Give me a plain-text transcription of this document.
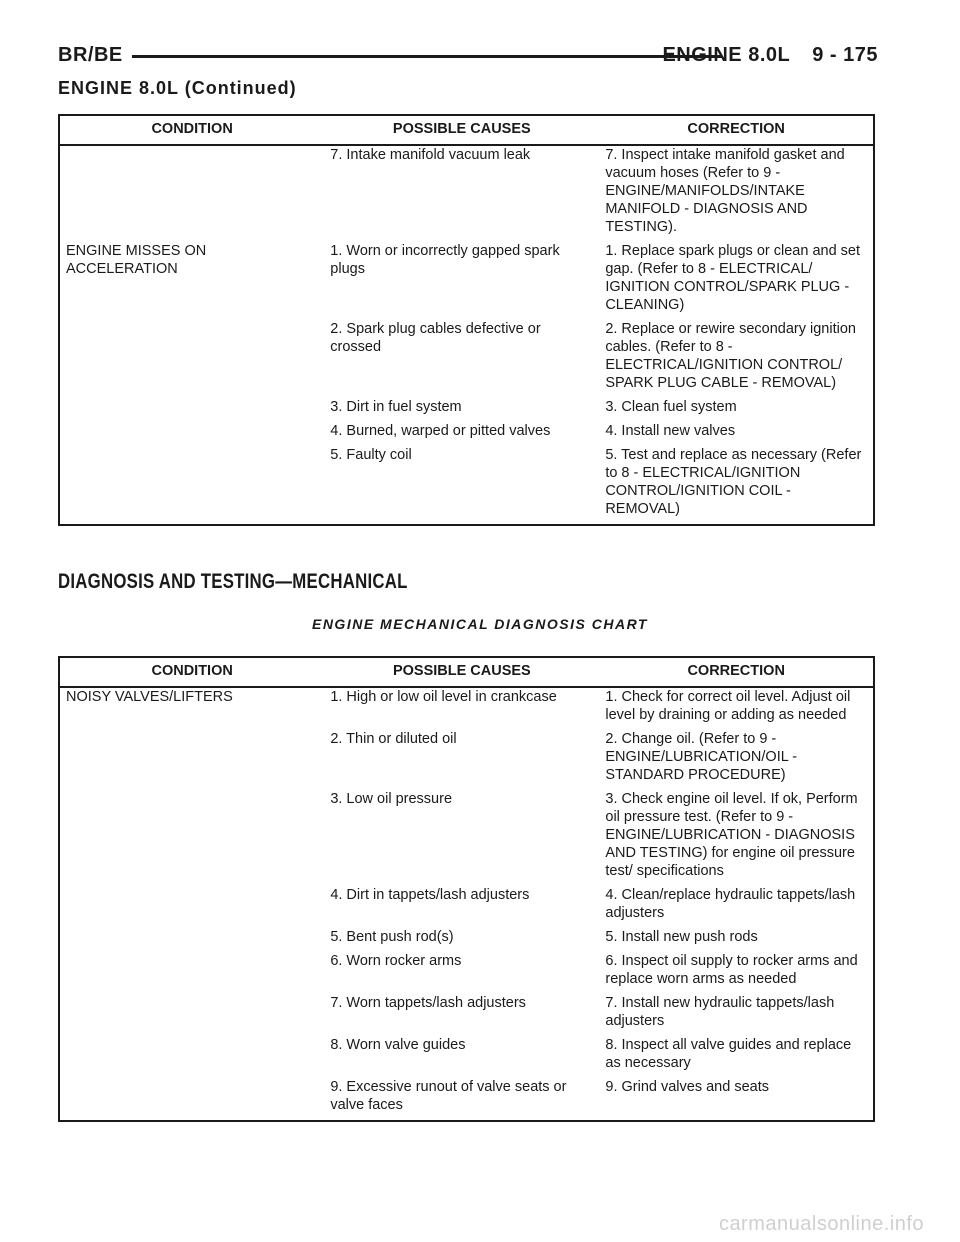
BR/BE	ENGINE 8.0L 9 - 175
ENGINE 8.0L (Continued)
CONDITION	POSSIBLE CAUSES	CORRECTION
	7. Intake manifold vacuum leak	7. Inspect intake manifold gasket and vacuum hoses (Refer to 9 - ENGINE/MANIFOLDS/INTAKE MANIFOLD - DIAGNOSIS AND TESTING).
ENGINE MISSES ON ACCELERATION	1. Worn or incorrectly gapped spark plugs	1. Replace spark plugs or clean and set gap. (Refer to 8 - ELECTRICAL/ IGNITION CONTROL/SPARK PLUG - CLEANING)
	2. Spark plug cables defective or crossed	2. Replace or rewire secondary ignition cables. (Refer to 8 - ELECTRICAL/IGNITION CONTROL/ SPARK PLUG CABLE - REMOVAL)
	3. Dirt in fuel system	3. Clean fuel system
	4. Burned, warped or pitted valves	4. Install new valves
	5. Faulty coil	5. Test and replace as necessary (Refer to 8 - ELECTRICAL/IGNITION CONTROL/IGNITION COIL - REMOVAL)
DIAGNOSIS AND TESTING—MECHANICAL
ENGINE MECHANICAL DIAGNOSIS CHART
CONDITION	POSSIBLE CAUSES	CORRECTION
NOISY VALVES/LIFTERS	1. High or low oil level in crankcase	1. Check for correct oil level. Adjust oil level by draining or adding as needed
	2. Thin or diluted oil	2. Change oil. (Refer to 9 - ENGINE/LUBRICATION/OIL - STANDARD PROCEDURE)
	3. Low oil pressure	3. Check engine oil level. If ok, Perform oil pressure test. (Refer to 9 - ENGINE/LUBRICATION - DIAGNOSIS AND TESTING) for engine oil pressure test/ specifications
	4. Dirt in tappets/lash adjusters	4. Clean/replace hydraulic tappets/lash adjusters
	5. Bent push rod(s)	5. Install new push rods
	6. Worn rocker arms	6. Inspect oil supply to rocker arms and replace worn arms as needed
	7. Worn tappets/lash adjusters	7. Install new hydraulic tappets/lash adjusters
	8. Worn valve guides	8. Inspect all valve guides and replace as necessary
	9. Excessive runout of valve seats or valve faces	9. Grind valves and seats
carmanualsonline.info
